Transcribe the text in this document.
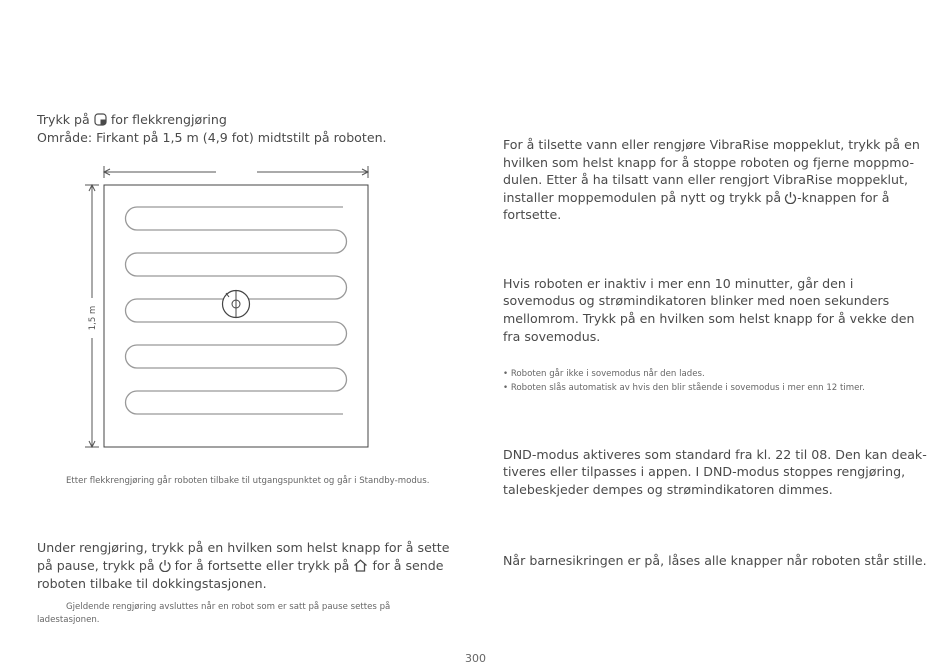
Trykk på for flekkrengjøring
Område: Firkant på 1,5 m (4,9 fot) midtstilt på roboten.
1,5 m
Etter flekkrengjøring går roboten tilbake til utgangspunktet og går i Standby-modus.
Under rengjøring, trykk på en hvilken som helst knapp for å sette
på pause, trykk på for å fortsette eller trykk på for å sende
roboten tilbake til dokkingstasjonen.
Gjeldende rengjøring avsluttes når en robot som er satt på pause settes på ladestasjonen.
For å tilsette vann eller rengjøre VibraRise moppeklut, trykk på en
hvilken som helst knapp for å stoppe roboten og fjerne moppmo-
dulen. Etter å ha tilsatt vann eller rengjort VibraRise moppeklut,
installer moppemodulen på nytt og trykk på -knappen for å
fortsette.
Hvis roboten er inaktiv i mer enn 10 minutter, går den i
sovemodus og strømindikatoren blinker med noen sekunders
mellomrom. Trykk på en hvilken som helst knapp for å vekke den
fra sovemodus.
• Roboten går ikke i sovemodus når den lades.
• Roboten slås automatisk av hvis den blir stående i sovemodus i mer enn 12 timer.
DND-modus aktiveres som standard fra kl. 22 til 08. Den kan deak-
tiveres eller tilpasses i appen. I DND-modus stoppes rengjøring,
talebeskjeder dempes og strømindikatoren dimmes.
Når barnesikringen er på, låses alle knapper når roboten står stille.
300
